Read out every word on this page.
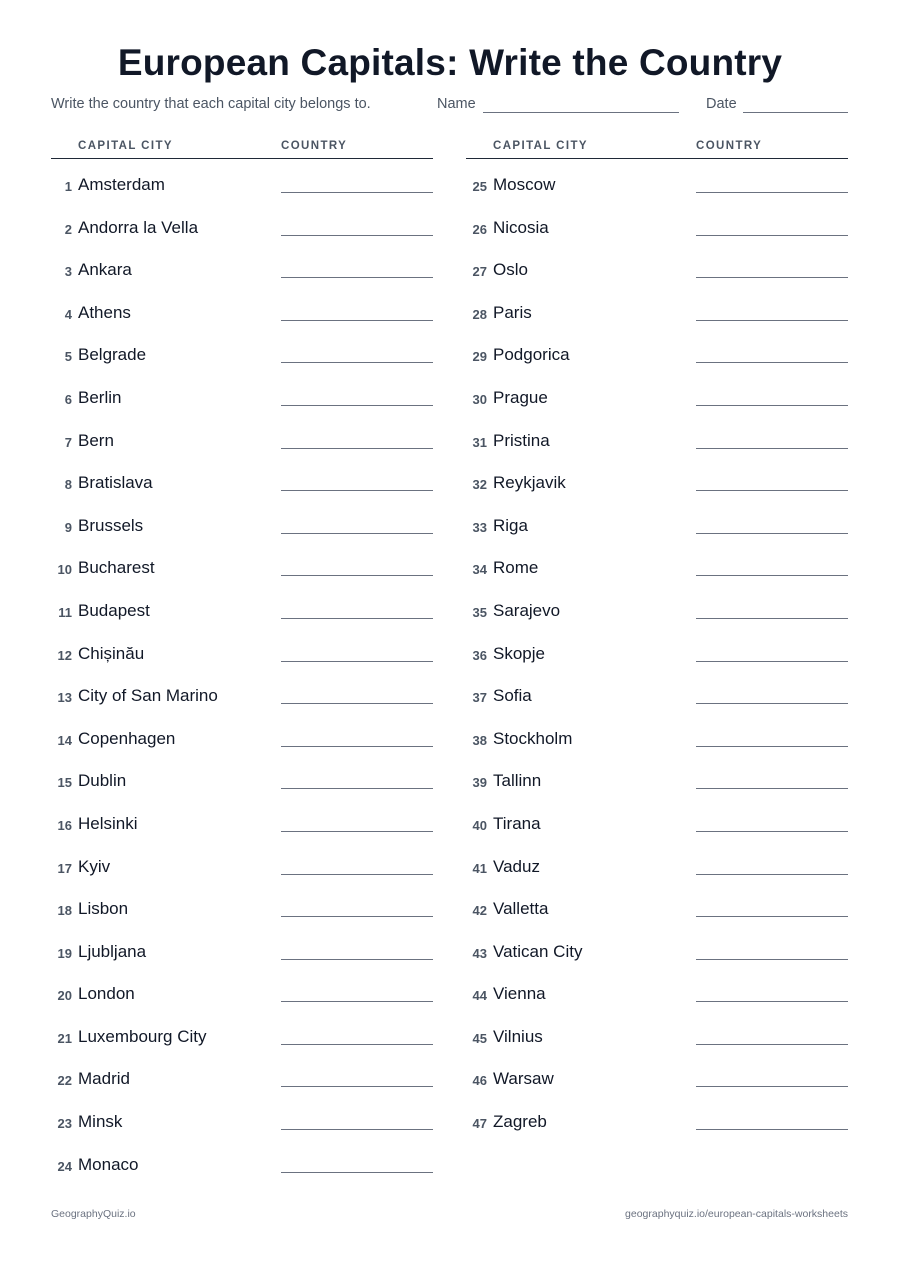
European Capitals: Write the Country
Write the country that each capital city belongs to.	Name	Date
CAPITAL CITY	COUNTRY
1 Amsterdam
2 Andorra la Vella
3 Ankara
4 Athens
5 Belgrade
6 Berlin
7 Bern
8 Bratislava
9 Brussels
10 Bucharest
11 Budapest
12 Chișinău
13 City of San Marino
14 Copenhagen
15 Dublin
16 Helsinki
17 Kyiv
18 Lisbon
19 Ljubljana
20 London
21 Luxembourg City
22 Madrid
23 Minsk
24 Monaco
CAPITAL CITY	COUNTRY
25 Moscow
26 Nicosia
27 Oslo
28 Paris
29 Podgorica
30 Prague
31 Pristina
32 Reykjavik
33 Riga
34 Rome
35 Sarajevo
36 Skopje
37 Sofia
38 Stockholm
39 Tallinn
40 Tirana
41 Vaduz
42 Valletta
43 Vatican City
44 Vienna
45 Vilnius
46 Warsaw
47 Zagreb
GeographyQuiz.io	geographyquiz.io/european-capitals-worksheets
